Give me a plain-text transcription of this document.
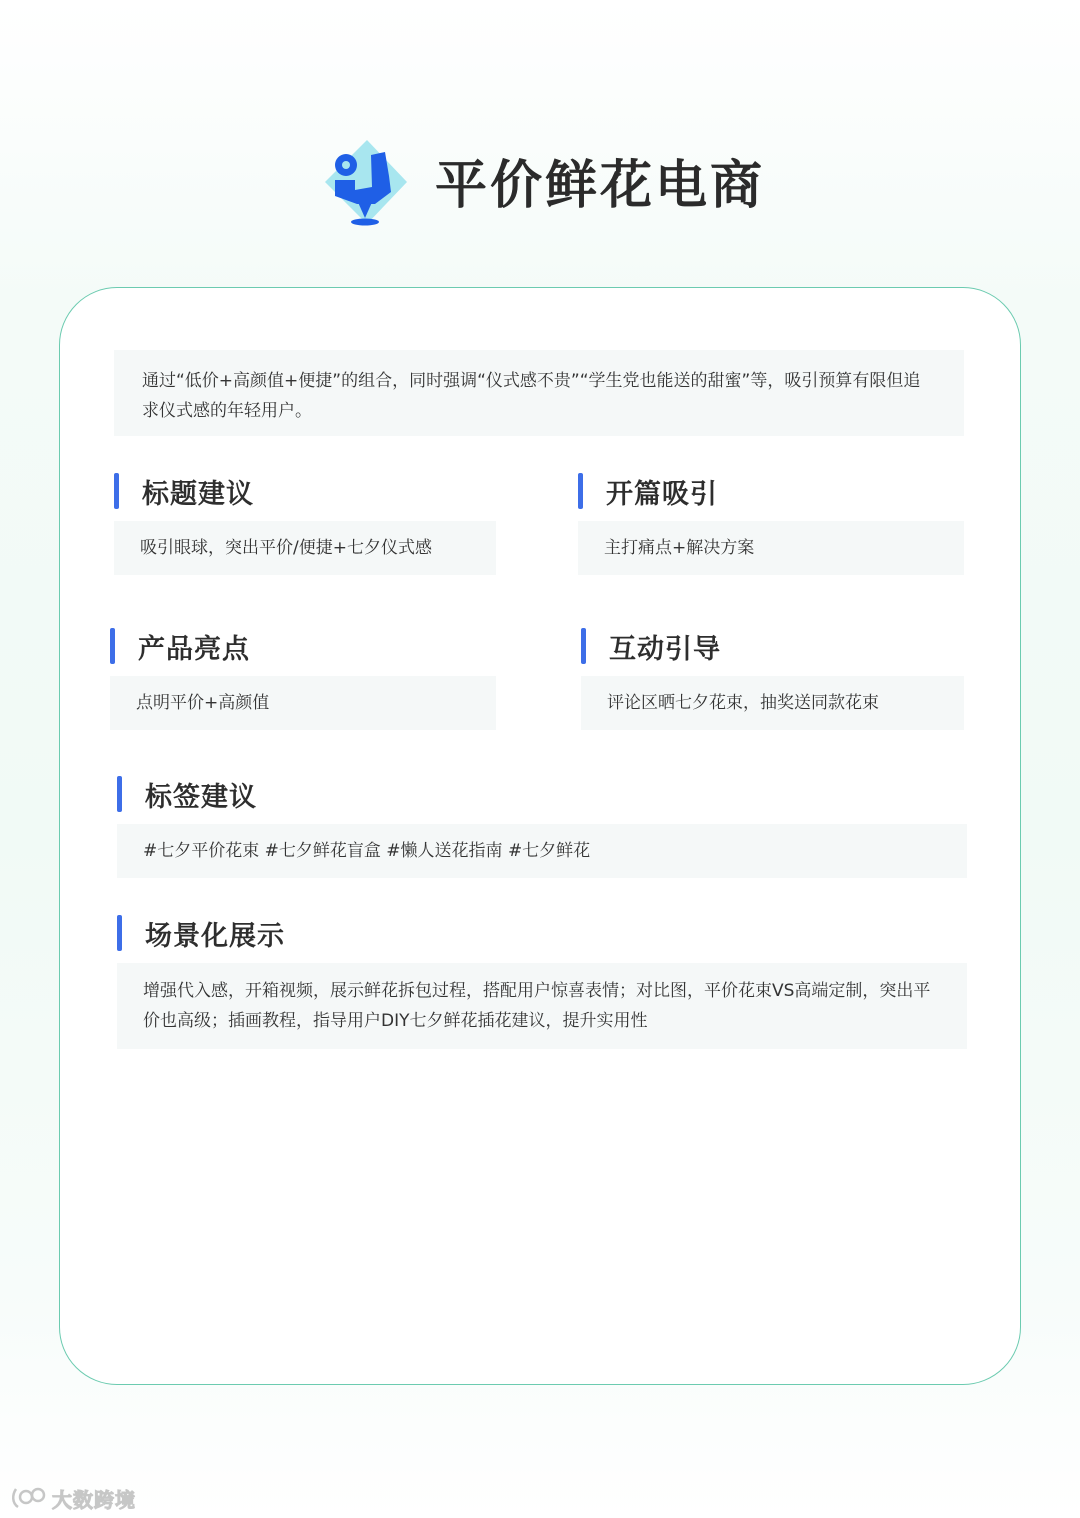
平价鲜花电商
通过“低价+高颜值+便捷”的组合，同时强调“仪式感不贵”“学生党也能送的甜蜜”等，吸引预算有限但追求仪式感的年轻用户。
标题建议
吸引眼球，突出平价/便捷+七夕仪式感
开篇吸引
主打痛点+解决方案
产品亮点
点明平价+高颜值
互动引导
评论区晒七夕花束，抽奖送同款花束
标签建议
#七夕平价花束 #七夕鲜花盲盒 #懒人送花指南 #七夕鲜花
场景化展示
增强代入感，开箱视频，展示鲜花拆包过程，搭配用户惊喜表情；对比图，平价花束VS高端定制，突出平价也高级；插画教程，指导用户DIY七夕鲜花插花建议，提升实用性
大数跨境
